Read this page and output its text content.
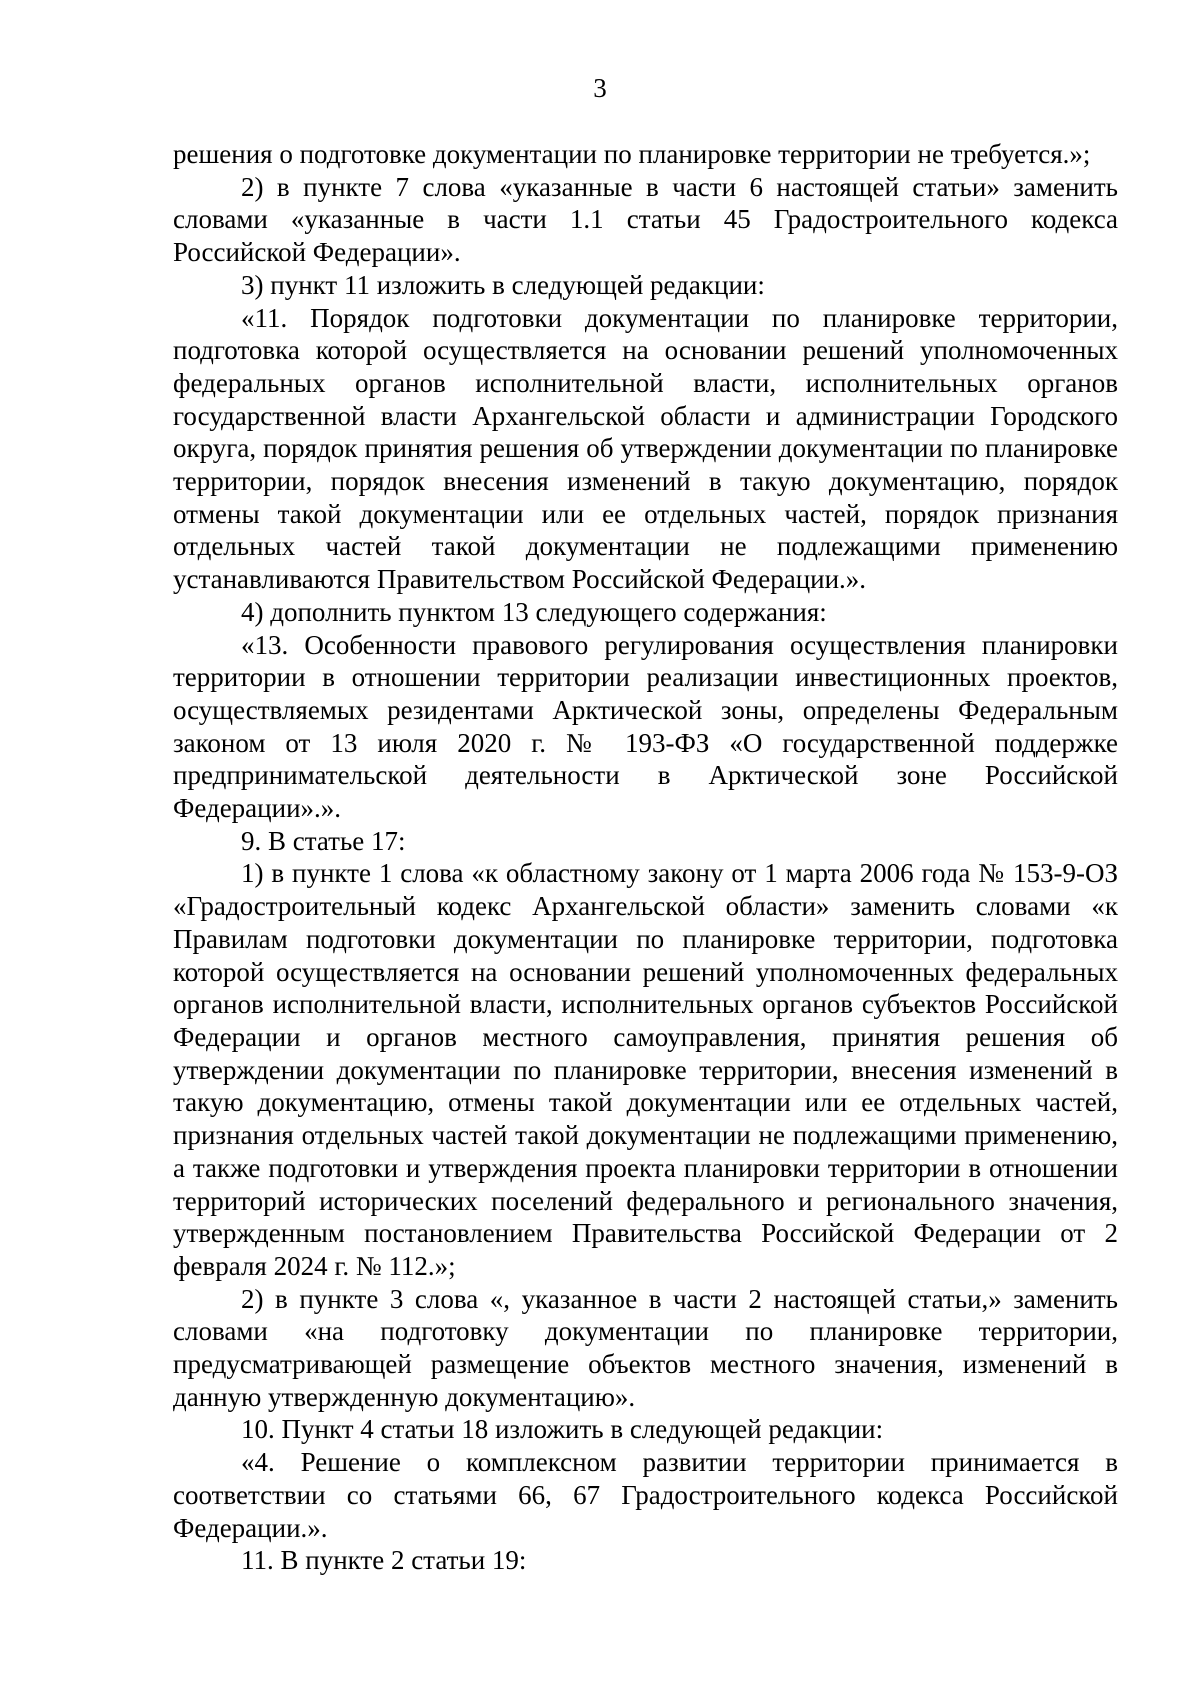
3

решения о подготовке документации по планировке территории не требуется.»;

2) в пункте 7 слова «указанные в части 6 настоящей статьи» заменить словами «указанные в части 1.1 статьи 45 Градостроительного кодекса Российской Федерации».

3) пункт 11 изложить в следующей редакции:

«11. Порядок подготовки документации по планировке территории, подготовка которой осуществляется на основании решений уполномоченных федеральных органов исполнительной власти, исполнительных органов государственной власти Архангельской области и администрации Городского округа, порядок принятия решения об утверждении документации по планировке территории, порядок внесения изменений в такую документацию, порядок отмены такой документации или ее отдельных частей, порядок признания отдельных частей такой документации не подлежащими применению устанавливаются Правительством Российской Федерации.».

4) дополнить пунктом 13 следующего содержания:

«13. Особенности правового регулирования осуществления планировки территории в отношении территории реализации инвестиционных проектов, осуществляемых резидентами Арктической зоны, определены Федеральным законом от 13 июля 2020 г. № 193-ФЗ «О государственной поддержке предпринимательской деятельности в Арктической зоне Российской Федерации».».

9. В статье 17:

1) в пункте 1 слова «к областному закону от 1 марта 2006 года № 153-9-ОЗ «Градостроительный кодекс Архангельской области» заменить словами «к Правилам подготовки документации по планировке территории, подготовка которой осуществляется на основании решений уполномоченных федеральных органов исполнительной власти, исполнительных органов субъектов Российской Федерации и органов местного самоуправления, принятия решения об утверждении документации по планировке территории, внесения изменений в такую документацию, отмены такой документации или ее отдельных частей, признания отдельных частей такой документации не подлежащими применению, а также подготовки и утверждения проекта планировки территории в отношении территорий исторических поселений федерального и регионального значения, утвержденным постановлением Правительства Российской Федерации от 2 февраля 2024 г. № 112.»;

2) в пункте 3 слова «, указанное в части 2 настоящей статьи,» заменить словами «на подготовку документации по планировке территории, предусматривающей размещение объектов местного значения, изменений в данную утвержденную документацию».

10. Пункт 4 статьи 18 изложить в следующей редакции:

«4. Решение о комплексном развитии территории принимается в соответствии со статьями 66, 67 Градостроительного кодекса Российской Федерации.».

11. В пункте 2 статьи 19:
